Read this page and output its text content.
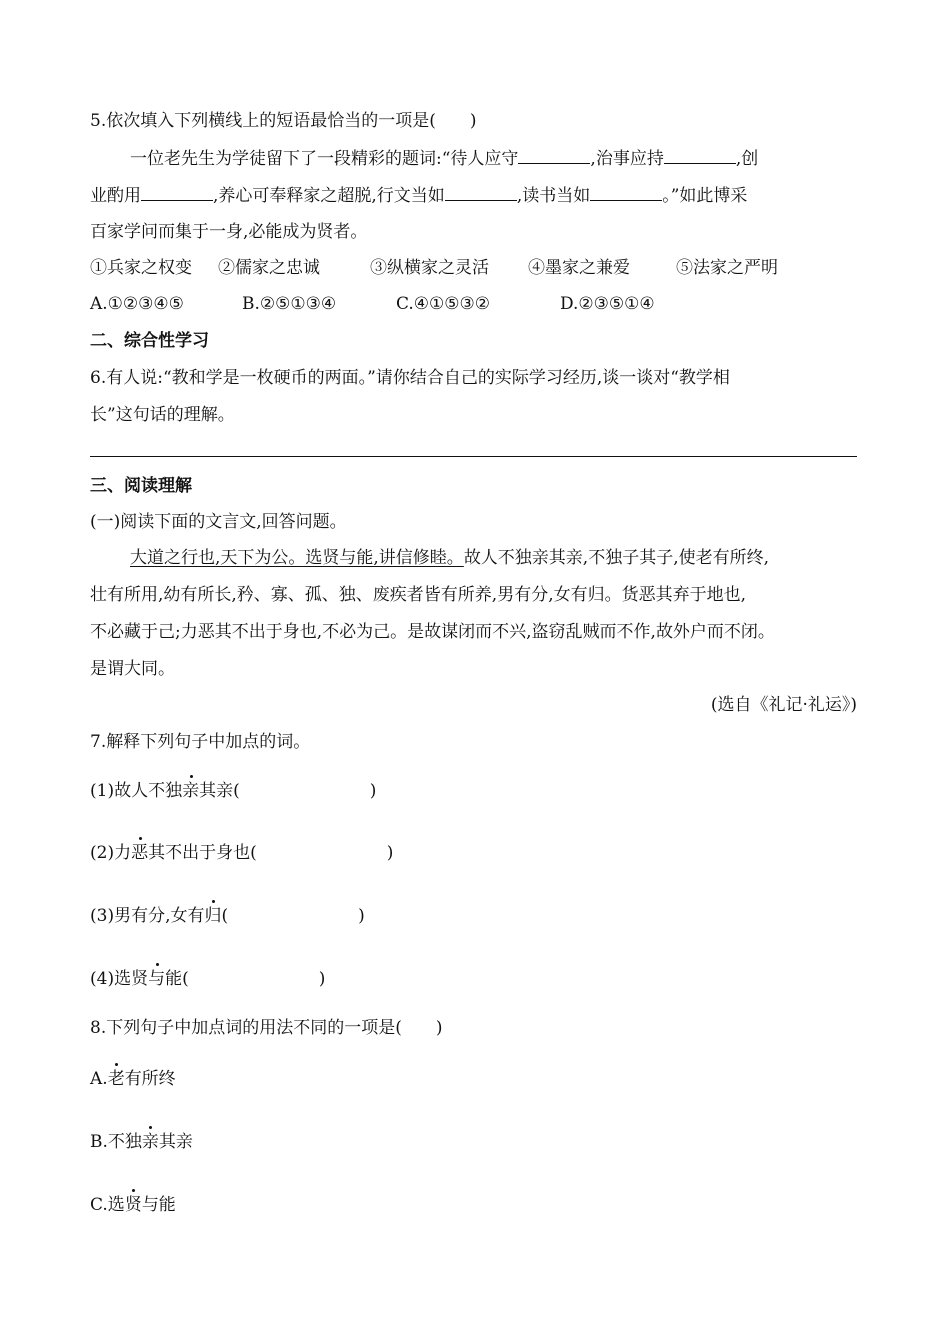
5.依次填入下列横线上的短语最恰当的一项是(　　)
一位老先生为学徒留下了一段精彩的题词:“待人应守	,治事应持	,创
业酌用	,养心可奉释家之超脱,行文当如	,读书当如	。”如此博采
百家学问而集于一身,必能成为贤者。
①兵家之权变 ②儒家之忠诚	③纵横家之灵活 ④墨家之兼爱	⑤法家之严明
A.①②③④⑤	B.②⑤①③④	C.④①⑤③②	D.②③⑤①④
二、综合性学习
6.有人说:“教和学是一枚硬币的两面。”请你结合自己的实际学习经历,谈一谈对“教学相
长”这句话的理解。
三、阅读理解
(一)阅读下面的文言文,回答问题。
大道之行也,天下为公。选贤与能,讲信修睦。故人不独亲其亲,不独子其子,使老有所终,
壮有所用,幼有所长,矜、寡、孤、独、废疾者皆有所养,男有分,女有归。货恶其弃于地也,
不必藏于己;力恶其不出于身也,不必为己。是故谋闭而不兴,盗窃乱贼而不作,故外户而不闭。
是谓大同。
(选自《礼记·礼运》)
7.解释下列句子中加点的词。
(1)故人不独亲其亲(	)
(2)力恶其不出于身也(	)
(3)男有分,女有归(	)
(4)选贤与能(	)
8.下列句子中加点词的用法不同的一项是(　　)
A.老有所终
B.不独亲其亲
C.选贤与能
